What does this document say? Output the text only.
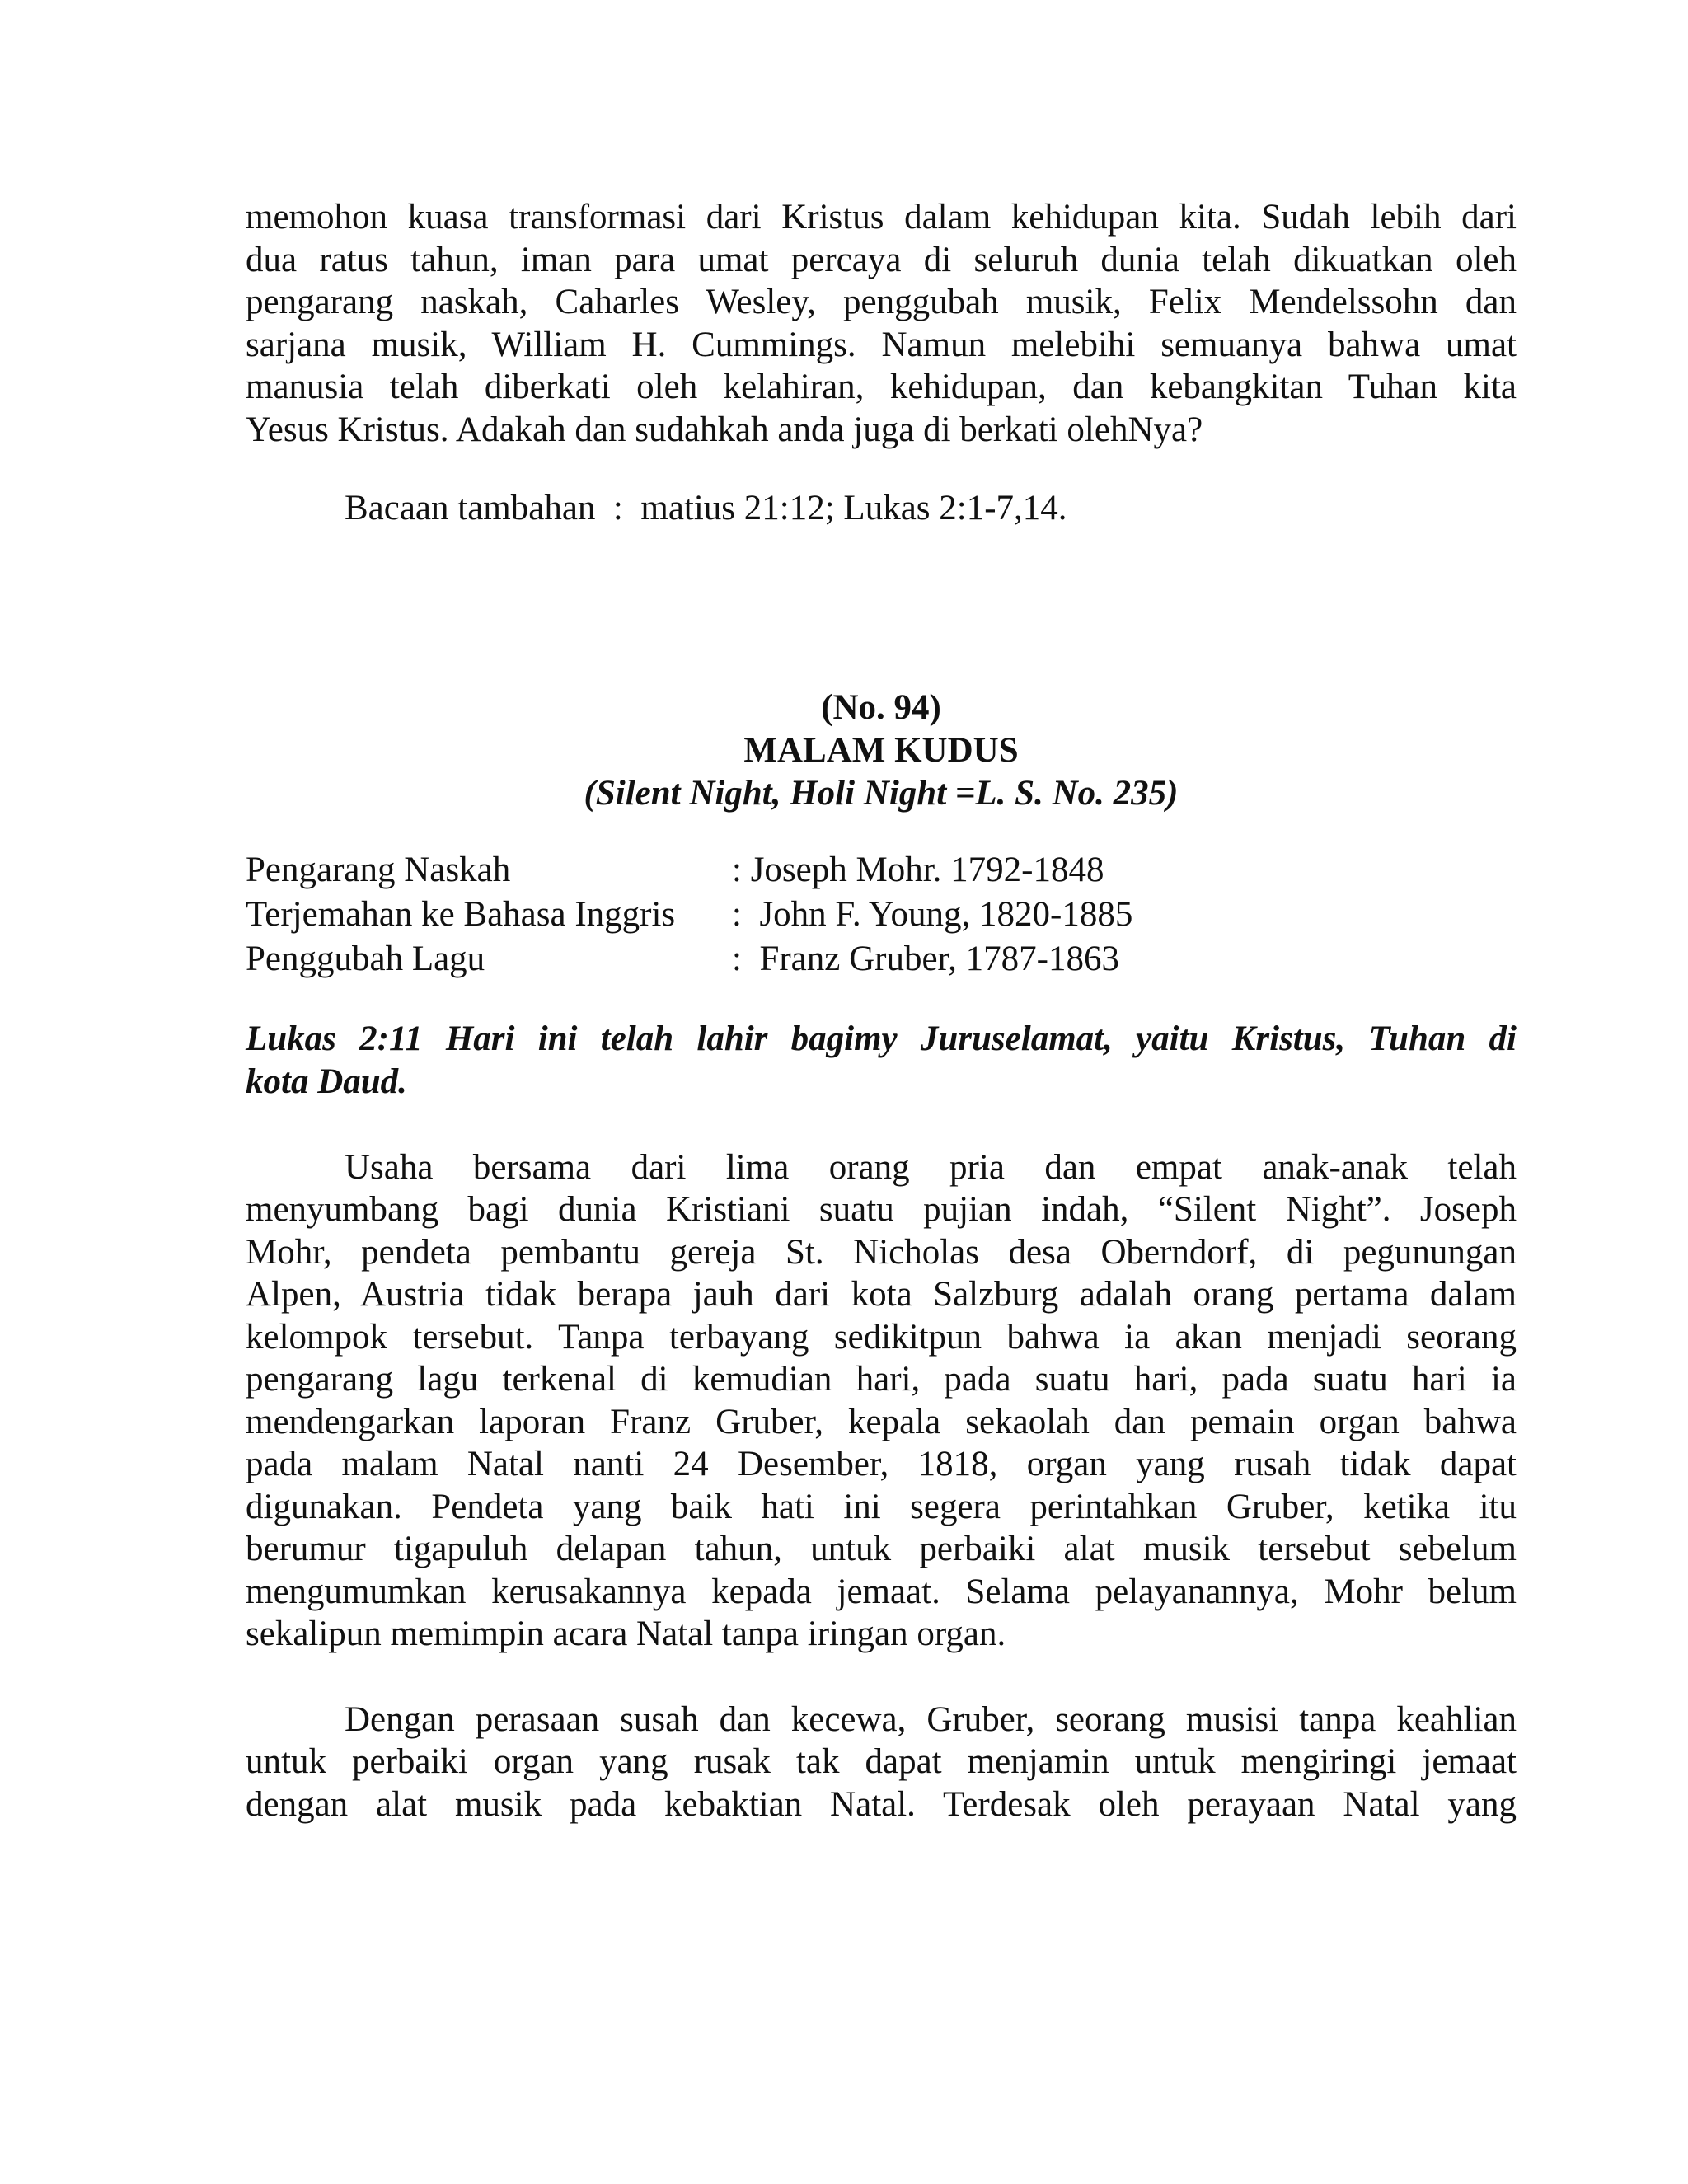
memohon kuasa transformasi dari Kristus dalam kehidupan kita. Sudah lebih dari
dua ratus tahun, iman para umat percaya di seluruh dunia telah dikuatkan oleh
pengarang naskah, Caharles Wesley, penggubah musik, Felix Mendelssohn dan
sarjana musik, William H. Cummings. Namun melebihi semuanya bahwa umat
manusia telah diberkati oleh kelahiran, kehidupan, dan kebangkitan Tuhan kita
Yesus Kristus. Adakah dan sudahkah anda juga di berkati olehNya?
Bacaan tambahan  :  matius 21:12; Lukas 2:1-7,14.

(No. 94)

MALAM KUDUS

(Silent Night, Holi Night =L. S. No. 235)

Pengarang Naskah	: Joseph Mohr. 1792-1848
Terjemahan ke Bahasa Inggris	:  John F. Young, 1820-1885
Penggubah Lagu	:  Franz Gruber, 1787-1863
Lukas 2:11 Hari ini telah lahir bagimy Juruselamat, yaitu Kristus, Tuhan di
kota Daud.
Usaha bersama dari lima orang pria dan empat anak-anak telah
menyumbang bagi dunia Kristiani suatu pujian indah, “Silent Night”. Joseph
Mohr, pendeta pembantu gereja St. Nicholas desa Oberndorf, di pegunungan
Alpen, Austria tidak berapa jauh dari kota Salzburg adalah orang pertama dalam
kelompok tersebut. Tanpa terbayang sedikitpun bahwa ia akan menjadi seorang
pengarang lagu terkenal di kemudian hari, pada suatu hari, pada suatu hari ia
mendengarkan laporan Franz Gruber, kepala sekaolah dan pemain organ bahwa
pada malam Natal nanti 24 Desember, 1818, organ yang rusah tidak dapat
digunakan. Pendeta yang baik hati ini segera perintahkan Gruber, ketika itu
berumur tigapuluh delapan tahun, untuk perbaiki alat musik tersebut sebelum
mengumumkan kerusakannya kepada jemaat. Selama pelayanannya, Mohr belum
sekalipun memimpin acara Natal tanpa iringan organ.
Dengan perasaan susah dan kecewa, Gruber, seorang musisi tanpa keahlian
untuk perbaiki organ yang rusak tak dapat menjamin untuk mengiringi jemaat
dengan alat musik pada kebaktian Natal. Terdesak oleh perayaan Natal yang
